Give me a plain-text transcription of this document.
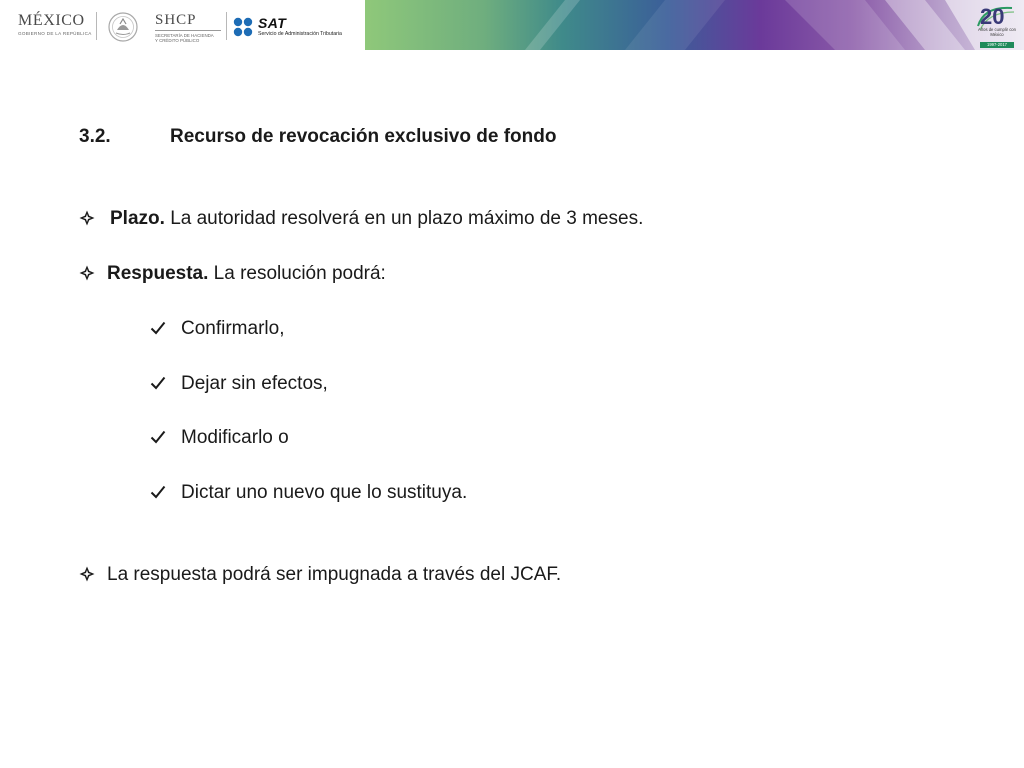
MÉXICO
GOBIERNO DE LA REPÚBLICA
SHCP
SECRETARÍA DE HACIENDA
Y CRÉDITO PÚBLICO
SAT
Servicio de Administración Tributaria
20
Años de cumplir con México
1997-2017
3.2.	Recurso de revocación exclusivo de fondo
Plazo. La autoridad resolverá en un plazo máximo de 3 meses.
Respuesta. La resolución podrá:
Confirmarlo,
Dejar sin efectos,
Modificarlo o
Dictar uno nuevo que lo sustituya.
La respuesta podrá ser impugnada a través del JCAF.
